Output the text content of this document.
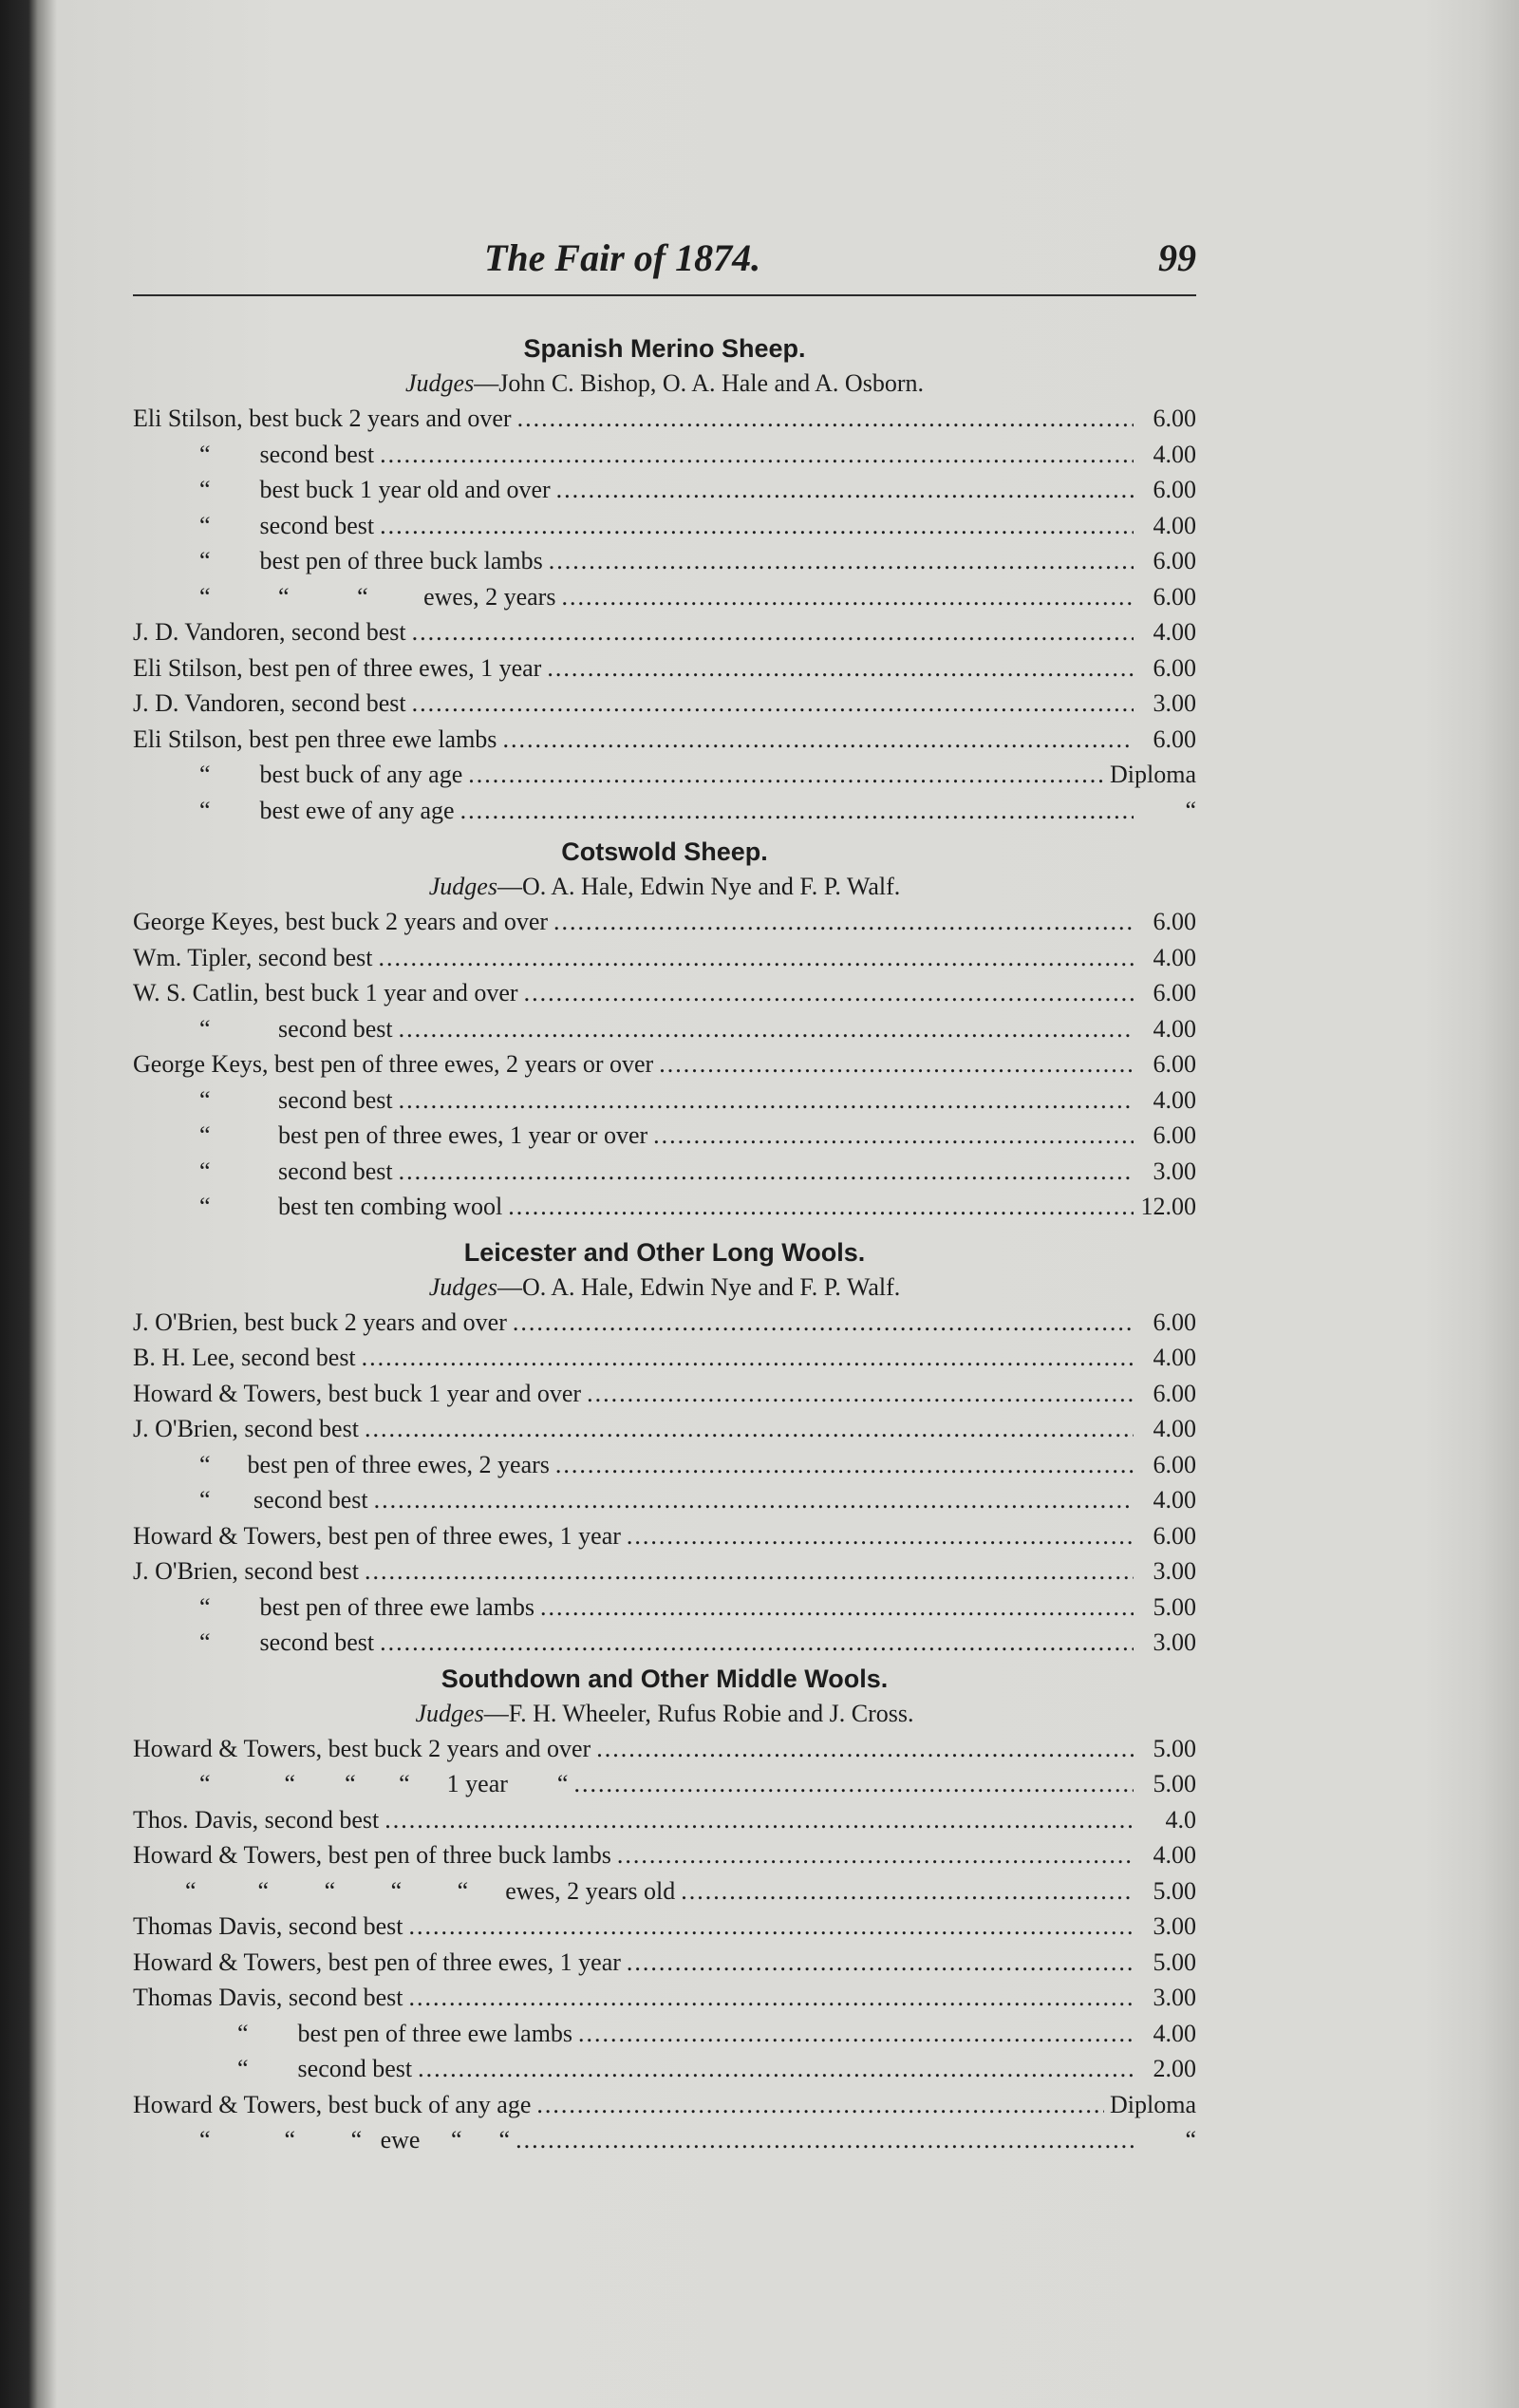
The Fair of 1874.	99
Spanish Merino Sheep.
Judges—John C. Bishop, O. A. Hale and A. Osborn.
Eli Stilson, best buck 2 years and over .....	6.00
“        second best .....	4.00
“        best buck 1 year old and over .....	6.00
“        second best .....	4.00
“        best pen of three buck lambs .....	6.00
“           “           “         ewes, 2 years .....	6.00
J. D. Vandoren, second best .....	4.00
Eli Stilson, best pen of three ewes, 1 year .....	6.00
J. D. Vandoren, second best .....	3.00
Eli Stilson, best pen three ewe lambs .....	6.00
“        best buck of any age .....	Diploma
“        best ewe of any age .....	“
Cotswold Sheep.
Judges—O. A. Hale, Edwin Nye and F. P. Walf.
George Keyes, best buck 2 years and over .....	6.00
Wm. Tipler, second best .....	4.00
W. S. Catlin, best buck 1 year and over .....	6.00
“           second best .....	4.00
George Keys, best pen of three ewes, 2 years or over .....	6.00
“           second best .....	4.00
“           best pen of three ewes, 1 year or over .....	6.00
“           second best .....	3.00
“           best ten combing wool .....	12.00
Leicester and Other Long Wools.
Judges—O. A. Hale, Edwin Nye and F. P. Walf.
J. O'Brien, best buck 2 years and over .....	6.00
B. H. Lee, second best .....	4.00
Howard & Towers, best buck 1 year and over .....	6.00
J. O'Brien, second best .....	4.00
“      best pen of three ewes, 2 years .....	6.00
“       second best .....	4.00
Howard & Towers, best pen of three ewes, 1 year .....	6.00
J. O'Brien, second best .....	3.00
“        best pen of three ewe lambs .....	5.00
“        second best .....	3.00
Southdown and Other Middle Wools.
Judges—F. H. Wheeler, Rufus Robie and J. Cross.
Howard & Towers, best buck 2 years and over .....	5.00
“            “        “       “      1 year        “ .....	5.00
Thos. Davis, second best .....	4.0
Howard & Towers, best pen of three buck lambs .....	4.00
“          “         “         “         “      ewes, 2 years old .....	5.00
Thomas Davis, second best .....	3.00
Howard & Towers, best pen of three ewes, 1 year .....	5.00
Thomas Davis, second best .....	3.00
“        best pen of three ewe lambs .....	4.00
“        second best .....	2.00
Howard & Towers, best buck of any age .....	Diploma
“            “         “   ewe     “      “ .....	“
